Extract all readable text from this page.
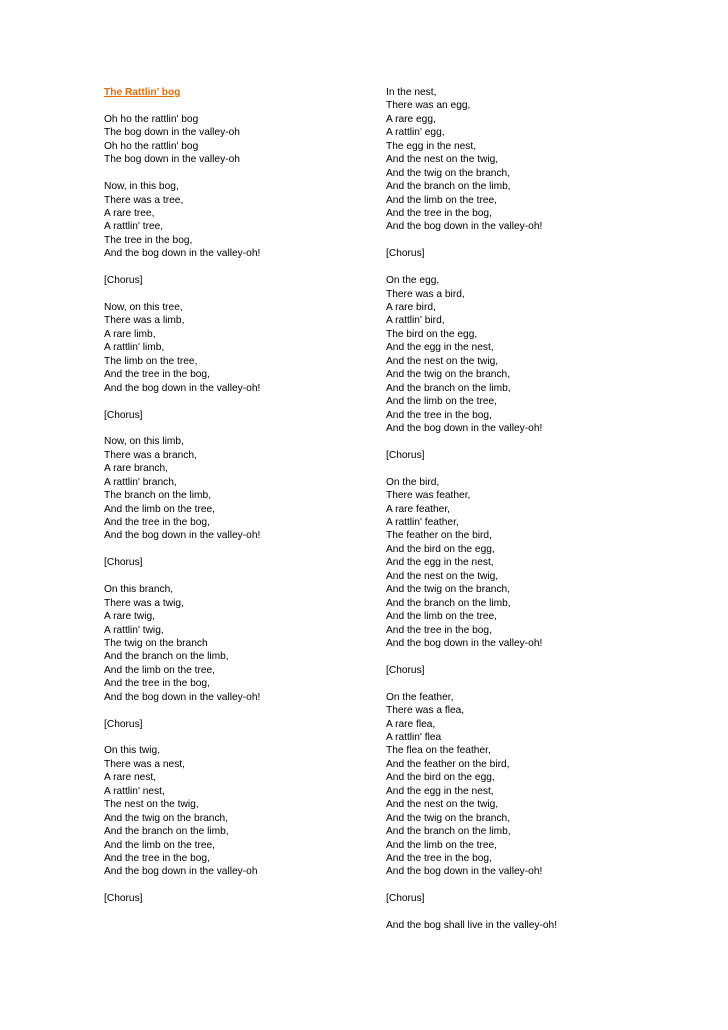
The Rattlin’ bog
Oh ho the rattlin' bog
The bog down in the valley-oh
Oh ho the rattlin' bog
The bog down in the valley-oh
Now, in this bog,
There was a tree,
A rare tree,
A rattlin' tree,
The tree in the bog,
And the bog down in the valley-oh!
[Chorus]
Now, on this tree,
There was a limb,
A rare limb,
A rattlin' limb,
The limb on the tree,
And the tree in the bog,
And the bog down in the valley-oh!
[Chorus]
Now, on this limb,
There was a branch,
A rare branch,
A rattlin' branch,
The branch on the limb,
And the limb on the tree,
And the tree in the bog,
And the bog down in the valley-oh!
[Chorus]
On this branch,
There was a twig,
A rare twig,
A rattlin' twig,
The twig on the branch
And the branch on the limb,
And the limb on the tree,
And the tree in the bog,
And the bog down in the valley-oh!
[Chorus]
On this twig,
There was a nest,
A rare nest,
A rattlin' nest,
The nest on the twig,
And the twig on the branch,
And the branch on the limb,
And the limb on the tree,
And the tree in the bog,
And the bog down in the valley-oh
[Chorus]
In the nest,
There was an egg,
A rare egg,
A rattlin' egg,
The egg in the nest,
And the nest on the twig,
And the twig on the branch,
And the branch on the limb,
And the limb on the tree,
And the tree in the bog,
And the bog down in the valley-oh!
[Chorus]
On the egg,
There was a bird,
A rare bird,
A rattlin' bird,
The bird on the egg,
And the egg in the nest,
And the nest on the twig,
And the twig on the branch,
And the branch on the limb,
And the limb on the tree,
And the tree in the bog,
And the bog down in the valley-oh!
[Chorus]
On the bird,
There was feather,
A rare feather,
A rattlin' feather,
The feather on the bird,
And the bird on the egg,
And the egg in the nest,
And the nest on the twig,
And the twig on the branch,
And the branch on the limb,
And the limb on the tree,
And the tree in the bog,
And the bog down in the valley-oh!
[Chorus]
On the feather,
There was a flea,
A rare flea,
A rattlin' flea
The flea on the feather,
And the feather on the bird,
And the bird on the egg,
And the egg in the nest,
And the nest on the twig,
And the twig on the branch,
And the branch on the limb,
And the limb on the tree,
And the tree in the bog,
And the bog down in the valley-oh!
[Chorus]
And the bog shall live in the valley-oh!
